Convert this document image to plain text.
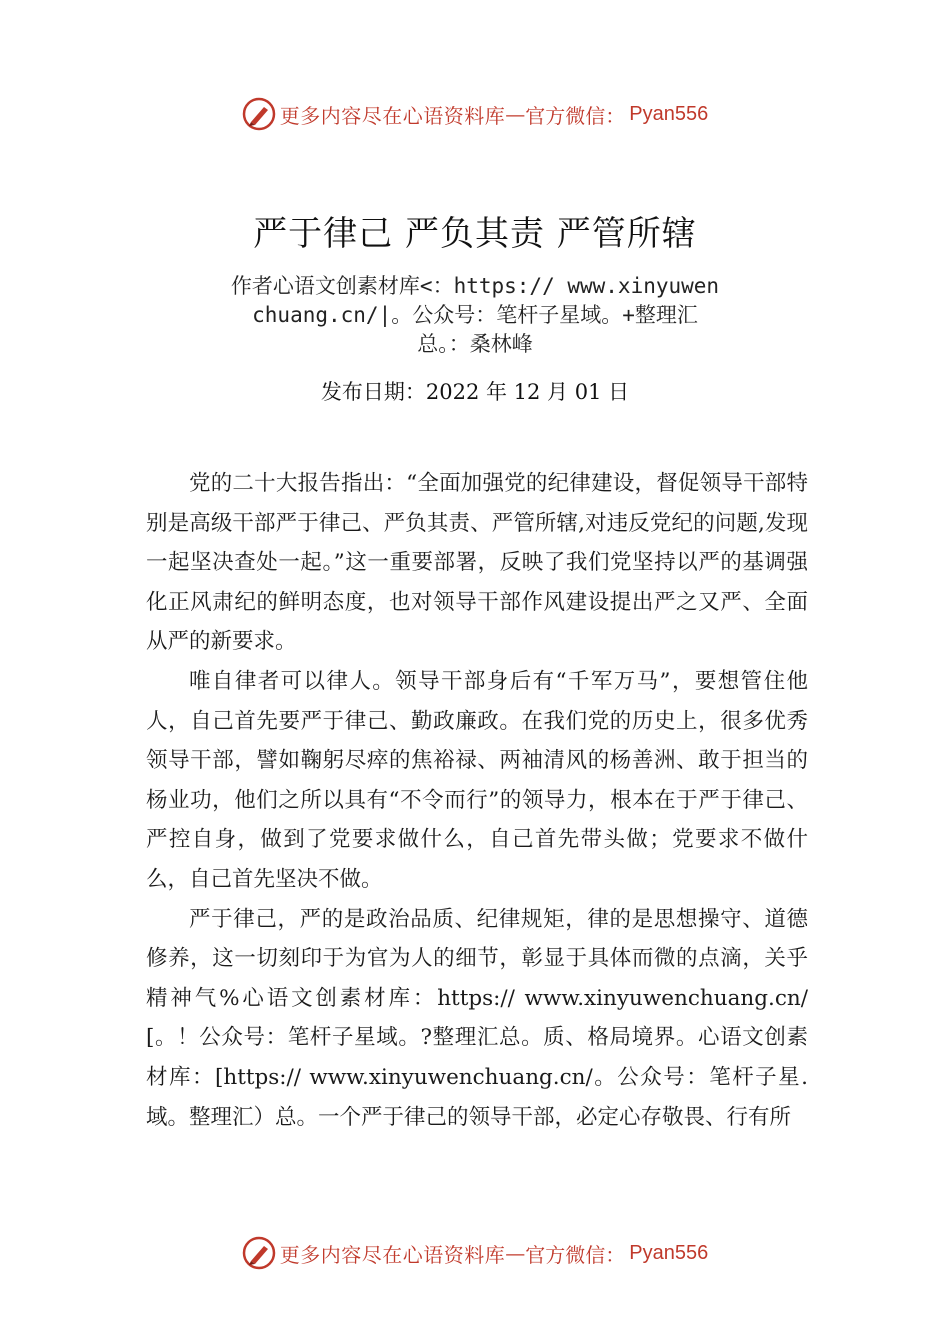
更多内容尽在心语资料库 — 官方微信： Pyan556
严于律己 严负其责 严管所辖
作者心语文创素材库<：https:// www.xinyuwenchuang.cn/|。公众号：笔杆子星域。+整理汇总。：桑林峰
发布日期：2022 年 12 月 01 日

党的二十大报告指出：“全面加强党的纪律建设，督促领导干部特别是高级干部严于律己、严负其责、严管所辖,对违反党纪的问题,发现一起坚决查处一起。”这一重要部署，反映了我们党坚持以严的基调强化正风肃纪的鲜明态度，也对领导干部作风建设提出严之又严、全面从严的新要求。

唯自律者可以律人。领导干部身后有“千军万马”，要想管住他人，自己首先要严于律己、勤政廉政。在我们党的历史上，很多优秀领导干部，譬如鞠躬尽瘁的焦裕禄、两袖清风的杨善洲、敢于担当的杨业功，他们之所以具有“不令而行”的领导力，根本在于严于律己、严控自身，做到了党要求做什么，自己首先带头做；党要求不做什么，自己首先坚决不做。

严于律己，严的是政治品质、纪律规矩，律的是思想操守、道德修养，这一切刻印于为官为人的细节，彰显于具体而微的点滴，关乎精神气%心语文创素材库：https:// www.xinyuwenchuang.cn/[。！公众号：笔杆子星域。?整理汇总。质、格局境界。心语文创素材库：[https:// www.xinyuwenchuang.cn/。公众号：笔杆子星.域。整理汇）总。一个严于律己的领导干部，必定心存敬畏、行有所

更多内容尽在心语资料库 — 官方微信： Pyan556
